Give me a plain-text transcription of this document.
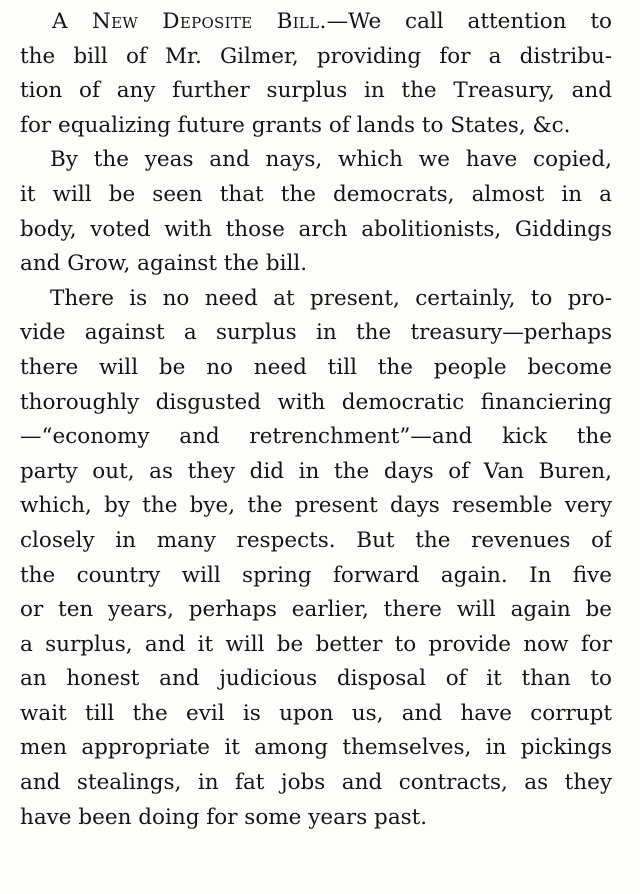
A New Deposite Bill.—We call attention to
the bill of Mr. Gilmer, providing for a distribu-
tion of any further surplus in the Treasury, and
for equalizing future grants of lands to States, &c.
By the yeas and nays, which we have copied,
it will be seen that the democrats, almost in a
body, voted with those arch abolitionists, Giddings
and Grow, against the bill.
There is no need at present, certainly, to pro-
vide against a surplus in the treasury—perhaps
there will be no need till the people become
thoroughly disgusted with democratic financiering
—“economy and retrenchment”—and kick the
party out, as they did in the days of Van Buren,
which, by the bye, the present days resemble very
closely in many respects. But the revenues of
the country will spring forward again. In five
or ten years, perhaps earlier, there will again be
a surplus, and it will be better to provide now for
an honest and judicious disposal of it than to
wait till the evil is upon us, and have corrupt
men appropriate it among themselves, in pickings
and stealings, in fat jobs and contracts, as they
have been doing for some years past.
